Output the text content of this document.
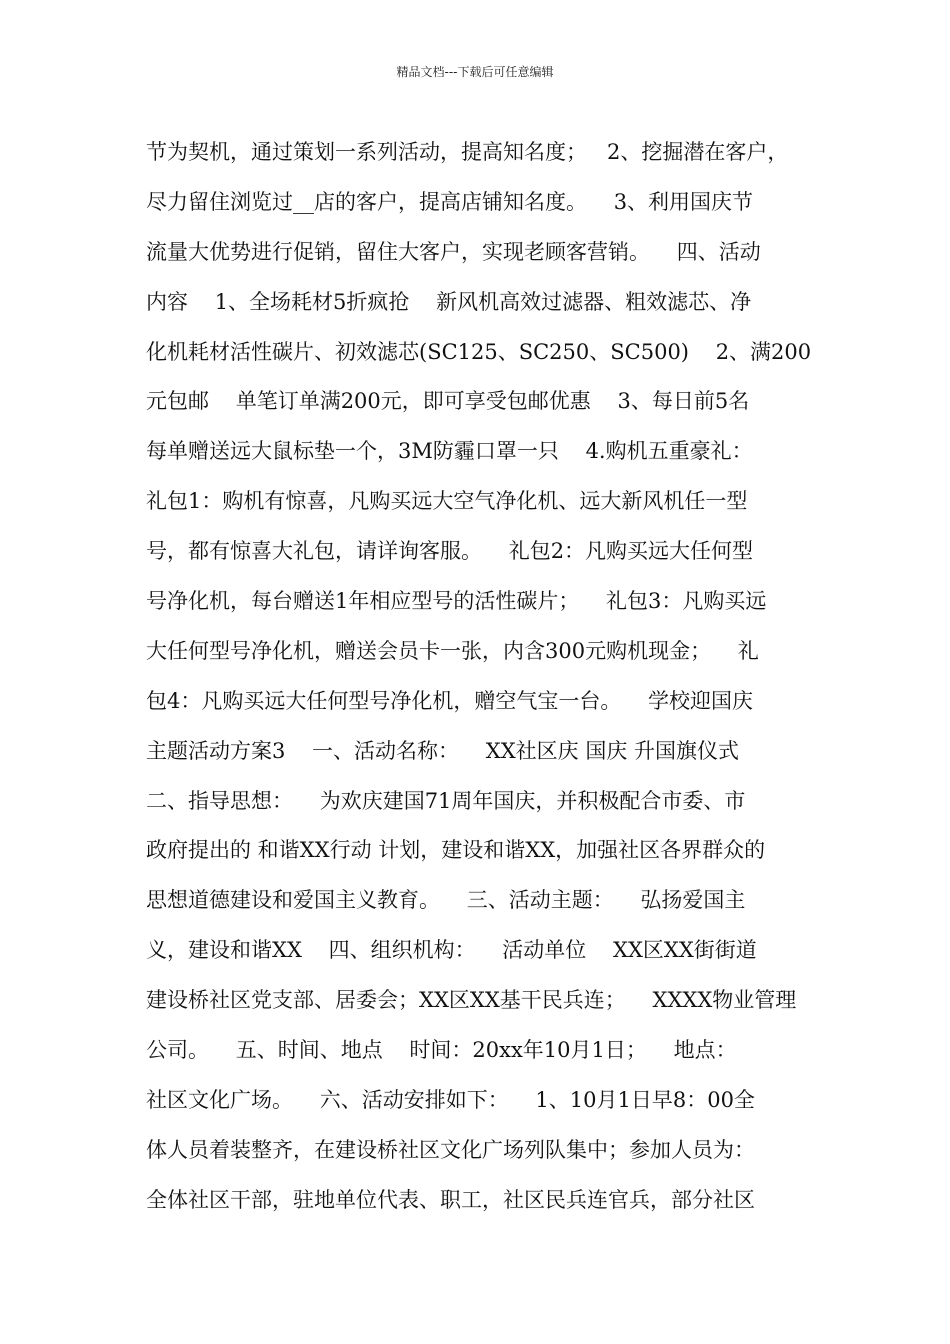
精品文档---下载后可任意编辑
节为契机，通过策划一系列活动，提高知名度；   2、挖掘潜在客户，
尽力留住浏览过__店的客户，提高店铺知名度。    3、利用国庆节
流量大优势进行促销，留住大客户，实现老顾客营销。    四、活动
内容    1、全场耗材5折疯抢    新风机高效过滤器、粗效滤芯、净
化机耗材活性碳片、初效滤芯(SC125、SC250、SC500)    2、满200
元包邮    单笔订单满200元，即可享受包邮优惠    3、每日前5名
每单赠送远大鼠标垫一个，3M防霾口罩一只    4.购机五重豪礼：
礼包1：购机有惊喜，凡购买远大空气净化机、远大新风机任一型
号，都有惊喜大礼包，请详询客服。    礼包2：凡购买远大任何型
号净化机，每台赠送1年相应型号的活性碳片；    礼包3：凡购买远
大任何型号净化机，赠送会员卡一张，内含300元购机现金；    礼
包4：凡购买远大任何型号净化机，赠空气宝一台。    学校迎国庆
主题活动方案3    一、活动名称：    XX社区庆 国庆 升国旗仪式
二、指导思想：    为欢庆建国71周年国庆，并积极配合市委、市
政府提出的 和谐XX行动 计划，建设和谐XX，加强社区各界群众的
思想道德建设和爱国主义教育。    三、活动主题：    弘扬爱国主
义，建设和谐XX    四、组织机构：    活动单位    XX区XX街街道
建设桥社区党支部、居委会；XX区XX基干民兵连；    XXXX物业管理
公司。    五、时间、地点    时间：20xx年10月1日；    地点：
社区文化广场。    六、活动安排如下：    1、10月1日早8：00全
体人员着装整齐，在建设桥社区文化广场列队集中；参加人员为：
全体社区干部，驻地单位代表、职工，社区民兵连官兵，部分社区
